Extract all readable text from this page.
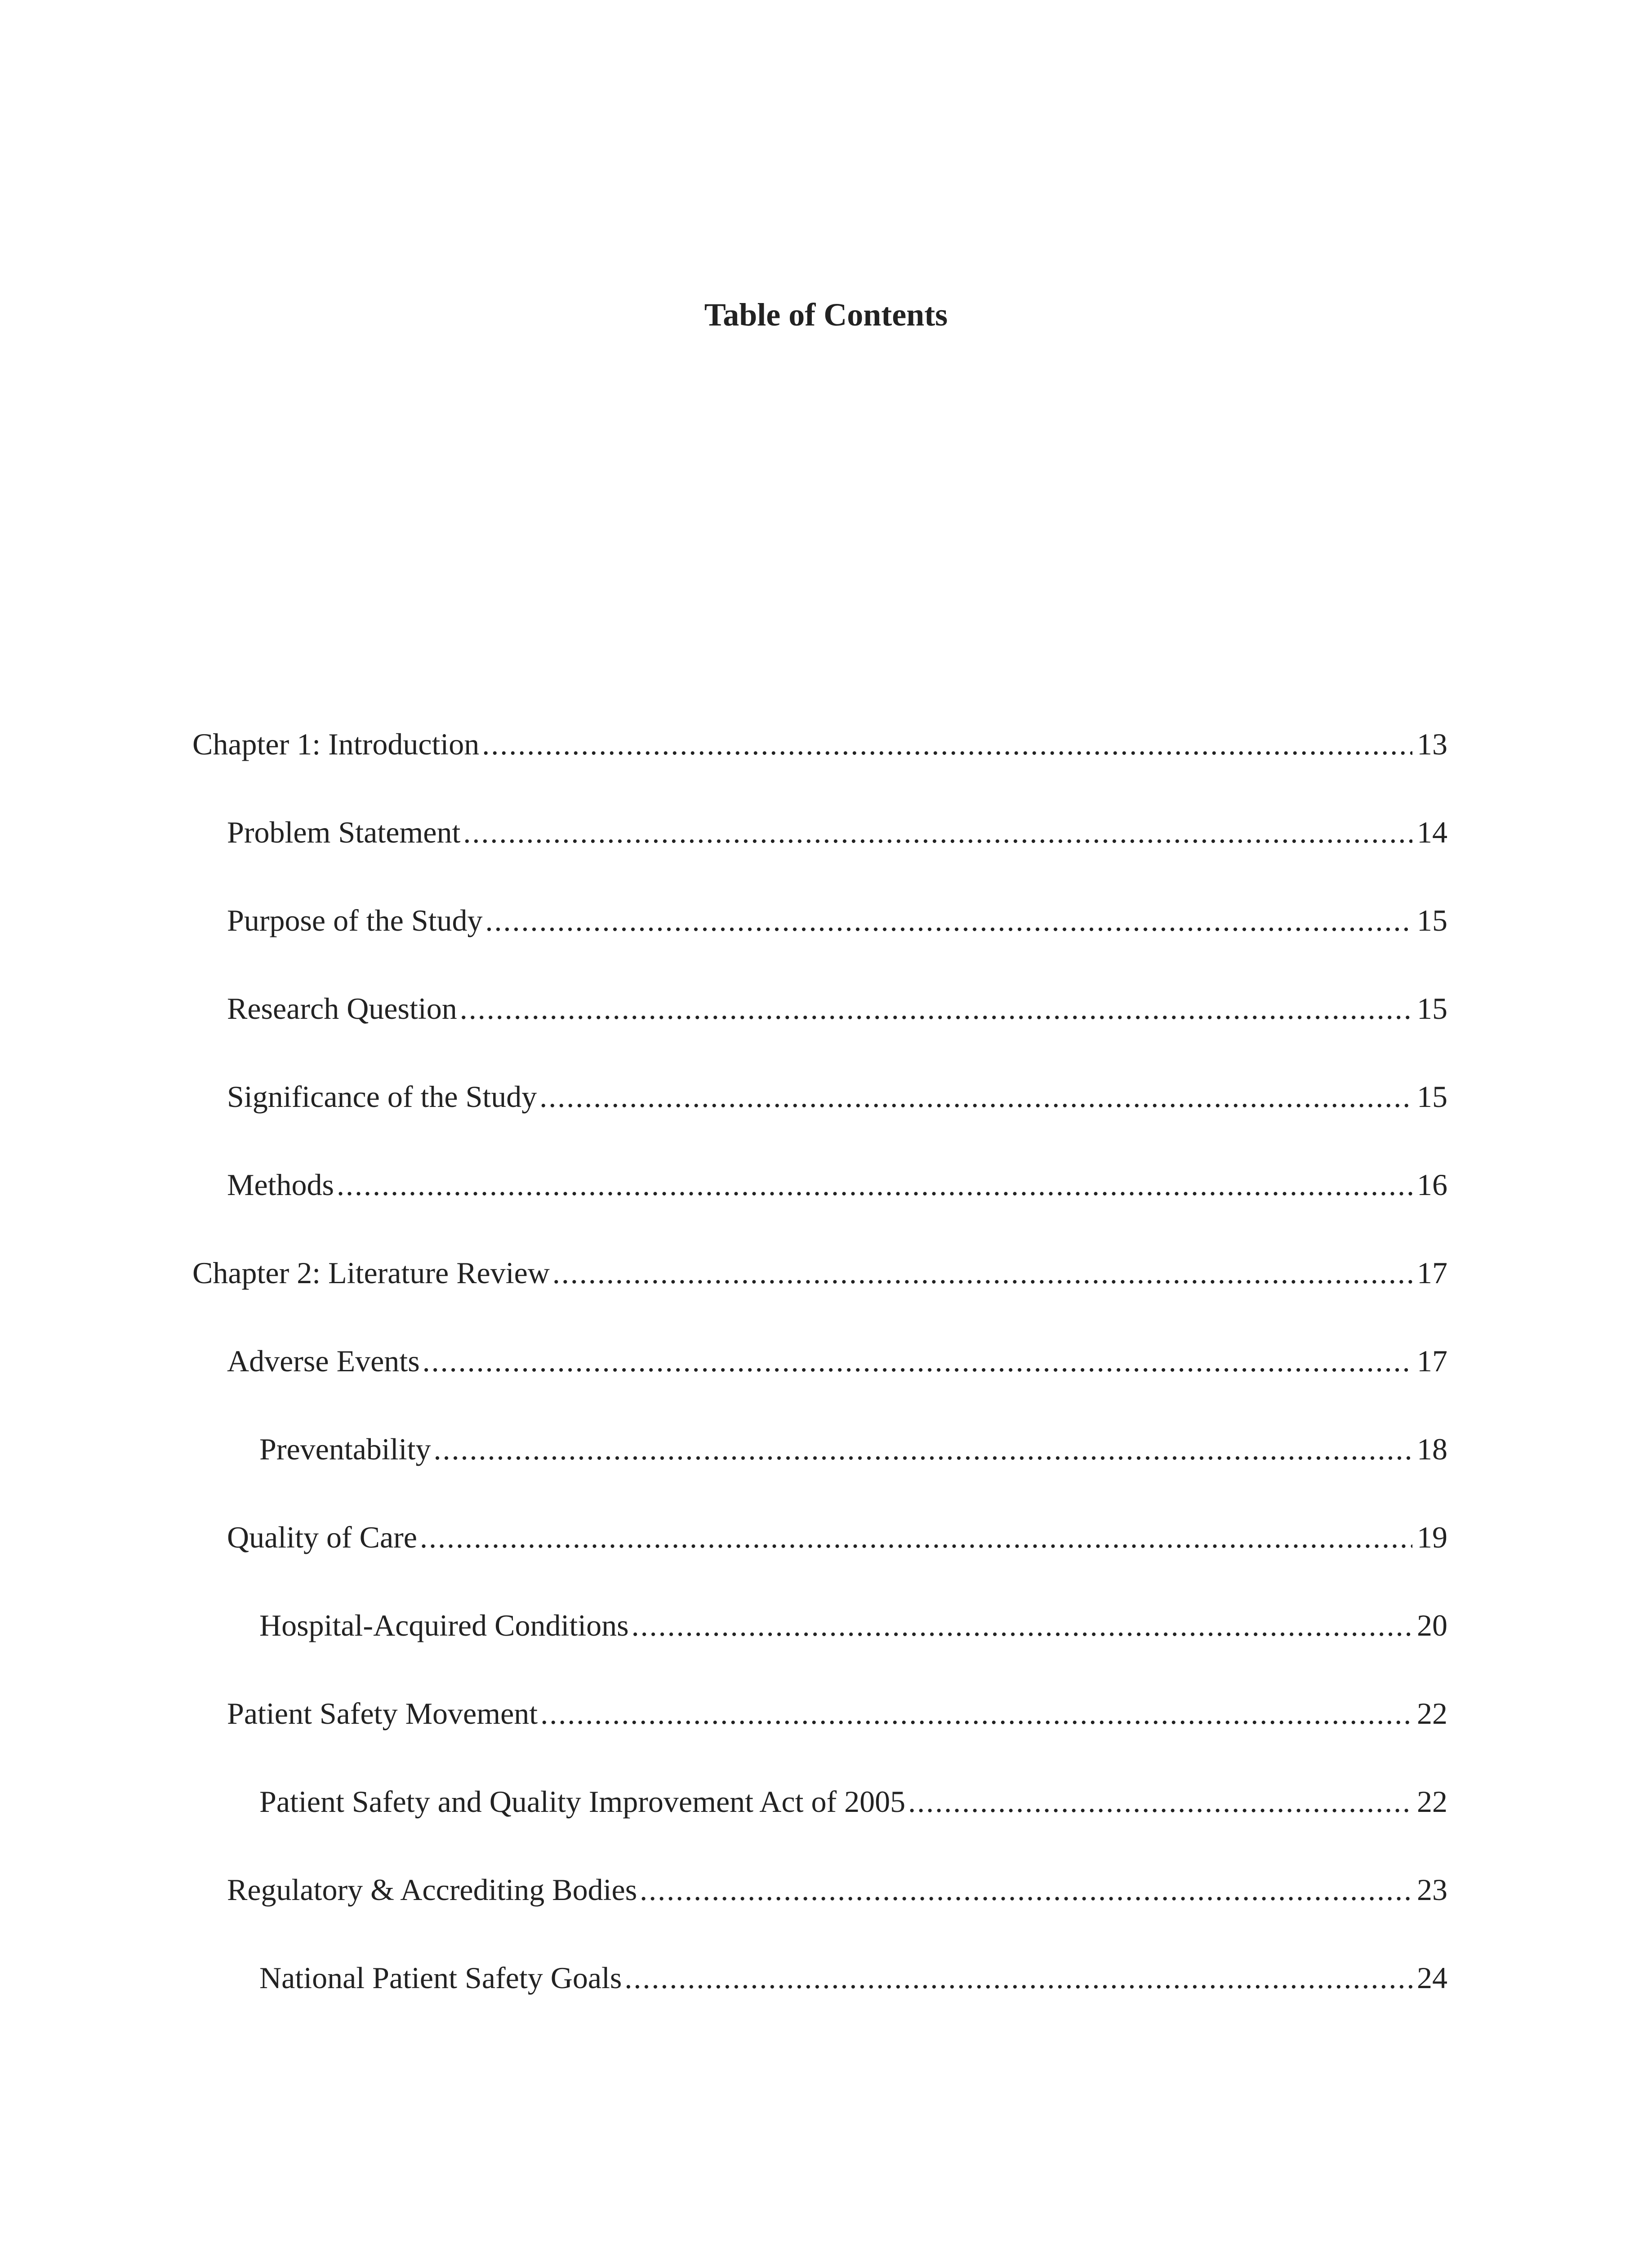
Table of Contents
Chapter 1: Introduction .....	13
Problem Statement .....	14
Purpose of the Study .....	15
Research Question .....	15
Significance of the Study .....	15
Methods .....	16
Chapter 2: Literature Review .....	17
Adverse Events .....	17
Preventability .....	18
Quality of Care .....	19
Hospital-Acquired Conditions .....	20
Patient Safety Movement .....	22
Patient Safety and Quality Improvement Act of 2005 .....	22
Regulatory & Accrediting Bodies .....	23
National Patient Safety Goals .....	24
